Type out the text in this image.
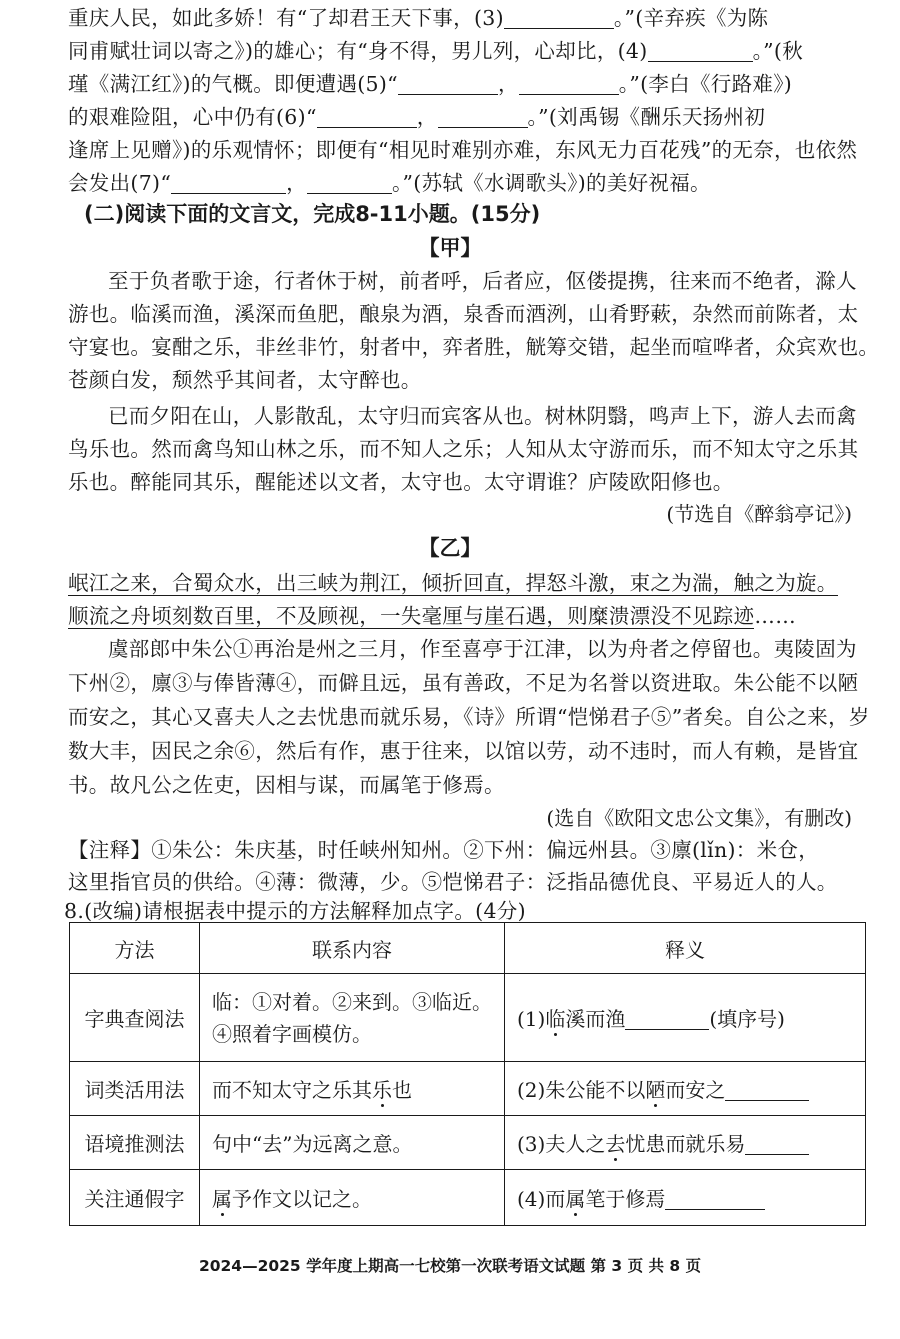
重庆人民，如此多娇！有“了却君王天下事，(3)	。”(辛弃疾《为陈
同甫赋壮词以寄之》)的雄心；有“身不得，男儿列，心却比，(4)	。”(秋
瑾《满江红》)的气概。即便遭遇(5)“	，	。”(李白《行路难》)
的艰难险阻，心中仍有(6)“	，	。”(刘禹锡《酬乐天扬州初
逢席上见赠》)的乐观情怀；即便有“相见时难别亦难，东风无力百花残”的无奈，也依然
会发出(7)“	，	。”(苏轼《水调歌头》)的美好祝福。
(二)阅读下面的文言文，完成8-11小题。(15分)
【甲】
至于负者歌于途，行者休于树，前者呼，后者应，伛偻提携，往来而不绝者，滁人
游也。临溪而渔，溪深而鱼肥，酿泉为酒，泉香而酒洌，山肴野蔌，杂然而前陈者，太
守宴也。宴酣之乐，非丝非竹，射者中，弈者胜，觥筹交错，起坐而喧哗者，众宾欢也。
苍颜白发，颓然乎其间者，太守醉也。
已而夕阳在山，人影散乱，太守归而宾客从也。树林阴翳，鸣声上下，游人去而禽
鸟乐也。然而禽鸟知山林之乐，而不知人之乐；人知从太守游而乐，而不知太守之乐其
乐也。醉能同其乐，醒能述以文者，太守也。太守谓谁？庐陵欧阳修也。
(节选自《醉翁亭记》)
【乙】
岷江之来，合蜀众水，出三峡为荆江，倾折回直，捍怒斗激，束之为湍，触之为旋。
顺流之舟顷刻数百里，不及顾视，一失毫厘与崖石遇，则糜溃漂没不见踪迹……
虞部郎中朱公①再治是州之三月，作至喜亭于江津，以为舟者之停留也。夷陵固为
下州②，廪③与俸皆薄④，而僻且远，虽有善政，不足为名誉以资进取。朱公能不以陋
而安之，其心又喜夫人之去忧患而就乐易，《诗》所谓“恺悌君子⑤”者矣。自公之来，岁
数大丰，因民之余⑥，然后有作，惠于往来，以馆以劳，动不违时，而人有赖，是皆宜
书。故凡公之佐吏，因相与谋，而属笔于修焉。
(选自《欧阳文忠公文集》，有删改)
【注释】①朱公：朱庆基，时任峡州知州。②下州：偏远州县。③廪(lǐn)：米仓，
这里指官员的供给。④薄：微薄，少。⑤恺悌君子：泛指品德优良、平易近人的人。
8.(改编)请根据表中提示的方法解释加点字。(4分)
方法	联系内容	释义
字典查阅法	临：①对着。②来到。③临近。
④照着字画模仿。	(1)临溪而渔 (填序号)
词类活用法	而不知太守之乐其乐也	(2)朱公能不以陋而安之
语境推测法	句中“去”为远离之意。	(3)夫人之去忧患而就乐易
关注通假字	属予作文以记之。	(4)而属笔于修焉
2024—2025 学年度上期高一七校第一次联考语文试题 第 3 页 共 8 页
